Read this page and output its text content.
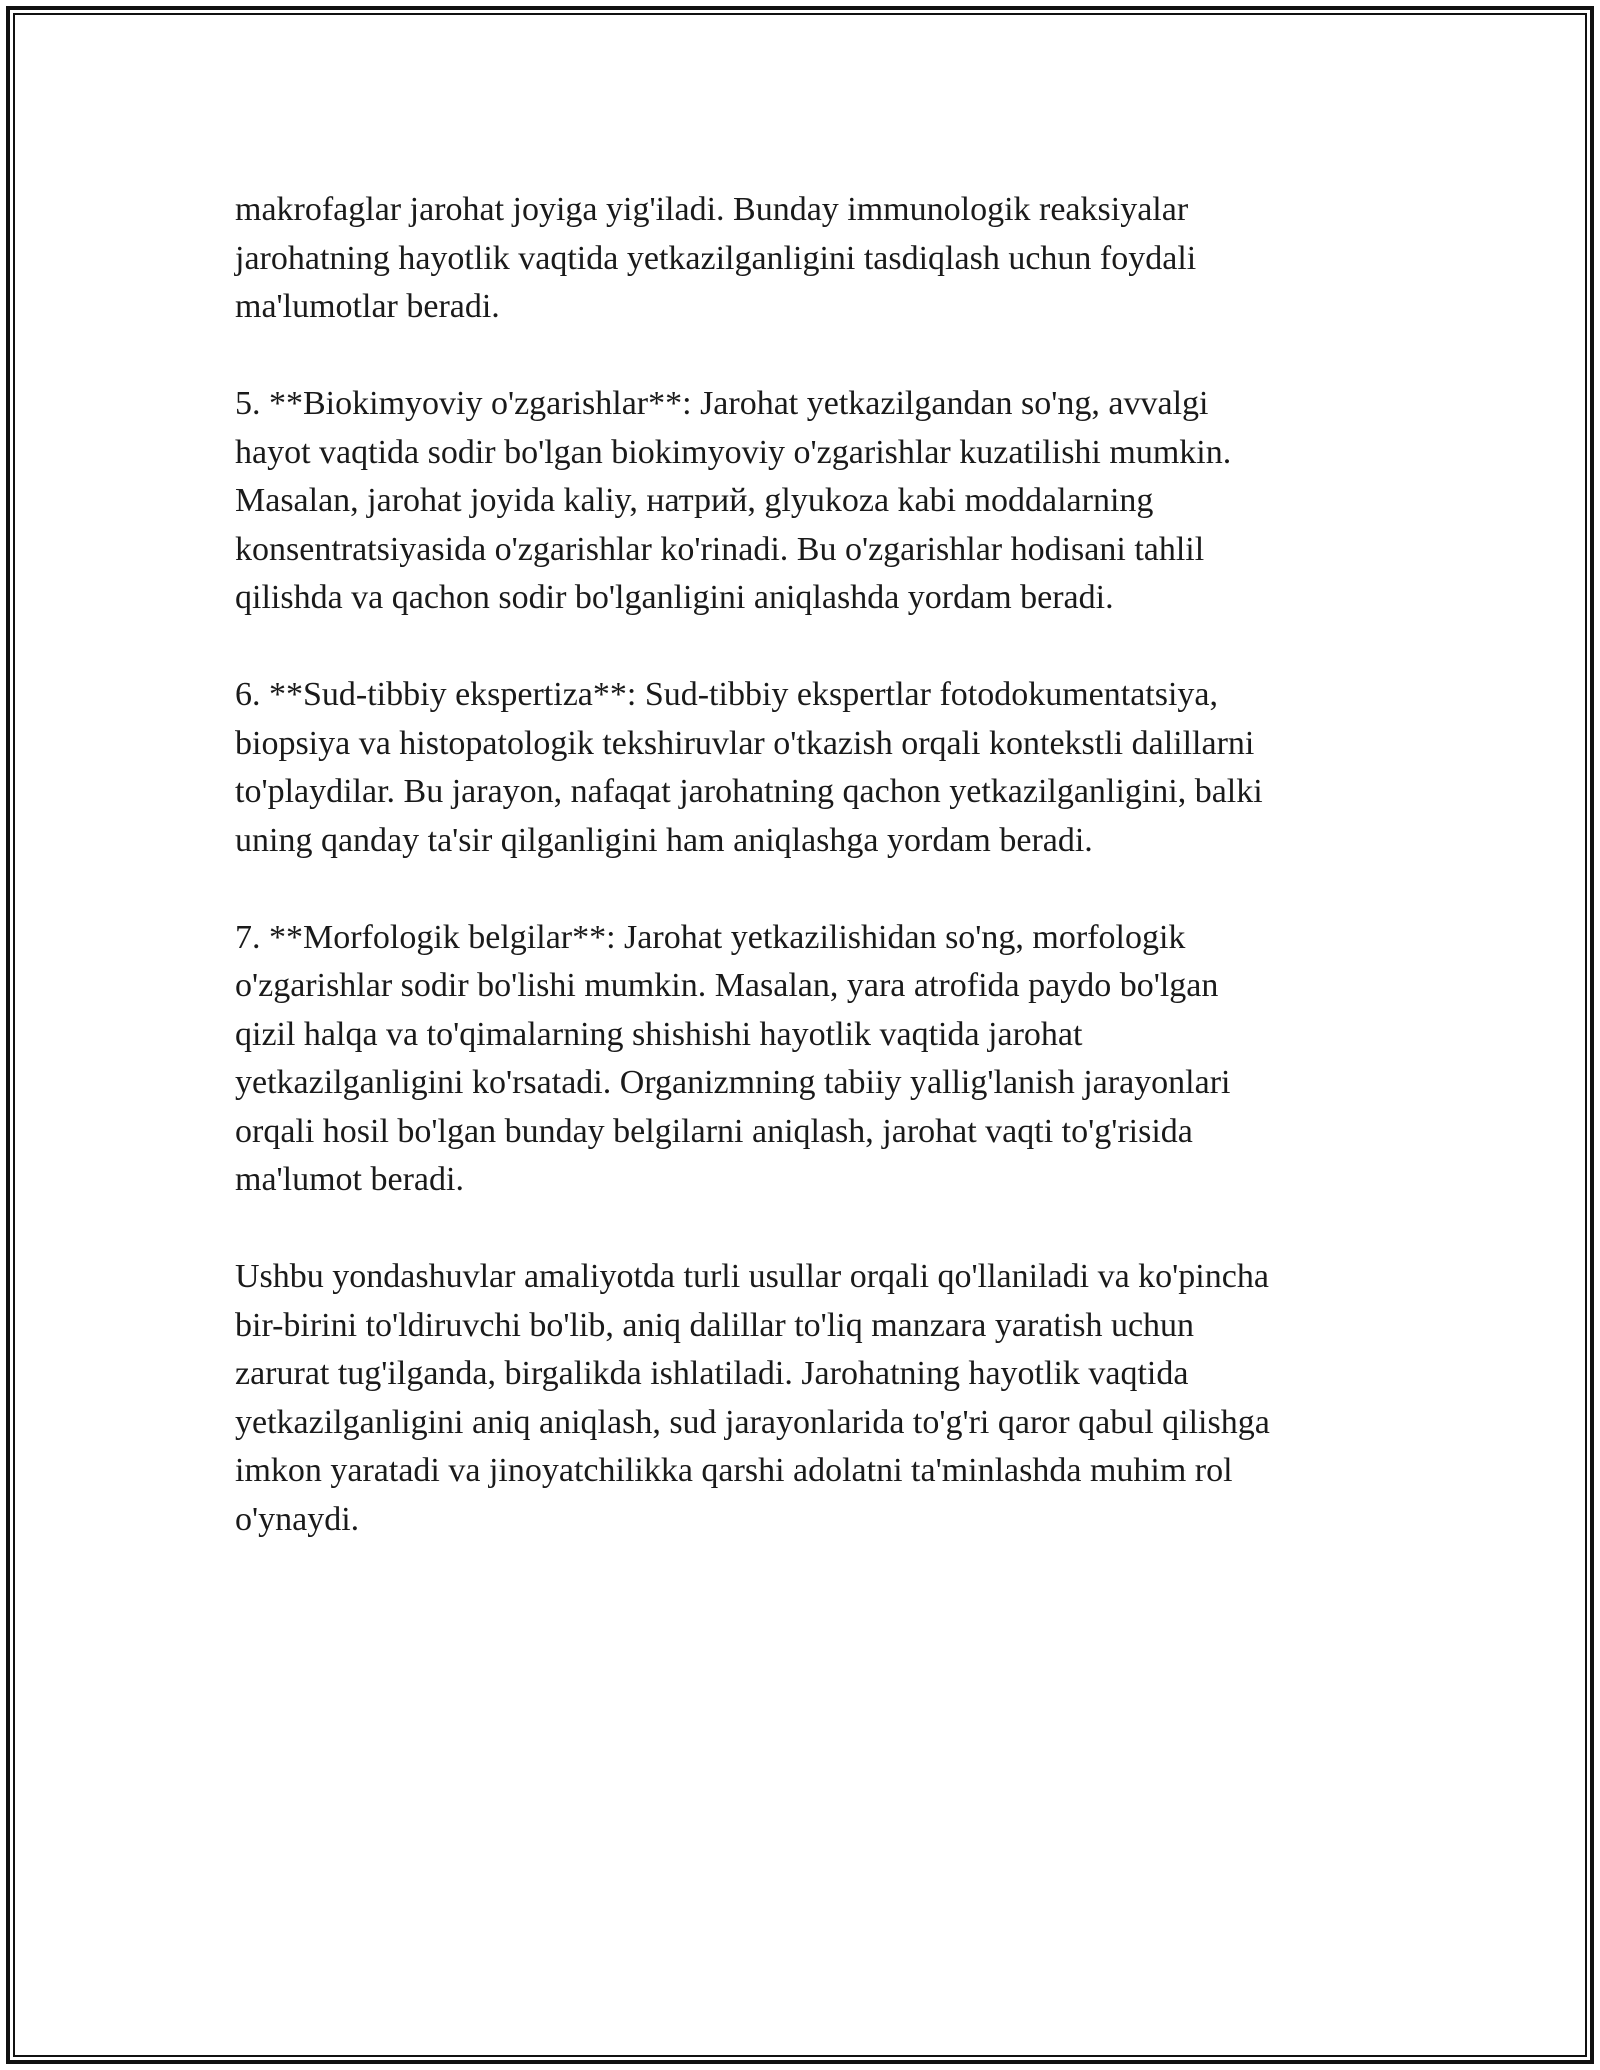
makrofaglar jarohat joyiga yig'iladi. Bunday immunologik reaksiyalar
jarohatning hayotlik vaqtida yetkazilganligini tasdiqlash uchun foydali
ma'lumotlar beradi.

5. **Biokimyoviy o'zgarishlar**: Jarohat yetkazilgandan so'ng, avvalgi
hayot vaqtida sodir bo'lgan biokimyoviy o'zgarishlar kuzatilishi mumkin.
Masalan, jarohat joyida kaliy, натрий, glyukoza kabi moddalarning
konsentratsiyasida o'zgarishlar ko'rinadi. Bu o'zgarishlar hodisani tahlil
qilishda va qachon sodir bo'lganligini aniqlashda yordam beradi.

6. **Sud-tibbiy ekspertiza**: Sud-tibbiy ekspertlar fotodokumentatsiya,
biopsiya va histopatologik tekshiruvlar o'tkazish orqali kontekstli dalillarni
to'playdilar. Bu jarayon, nafaqat jarohatning qachon yetkazilganligini, balki
uning qanday ta'sir qilganligini ham aniqlashga yordam beradi.

7. **Morfologik belgilar**: Jarohat yetkazilishidan so'ng, morfologik
o'zgarishlar sodir bo'lishi mumkin. Masalan, yara atrofida paydo bo'lgan
qizil halqa va to'qimalarning shishishi hayotlik vaqtida jarohat
yetkazilganligini ko'rsatadi. Organizmning tabiiy yallig'lanish jarayonlari
orqali hosil bo'lgan bunday belgilarni aniqlash, jarohat vaqti to'g'risida
ma'lumot beradi.

Ushbu yondashuvlar amaliyotda turli usullar orqali qo'llaniladi va ko'pincha
bir-birini to'ldiruvchi bo'lib, aniq dalillar to'liq manzara yaratish uchun
zarurat tug'ilganda, birgalikda ishlatiladi. Jarohatning hayotlik vaqtida
yetkazilganligini aniq aniqlash, sud jarayonlarida to'g'ri qaror qabul qilishga
imkon yaratadi va jinoyatchilikka qarshi adolatni ta'minlashda muhim rol
o'ynaydi.
